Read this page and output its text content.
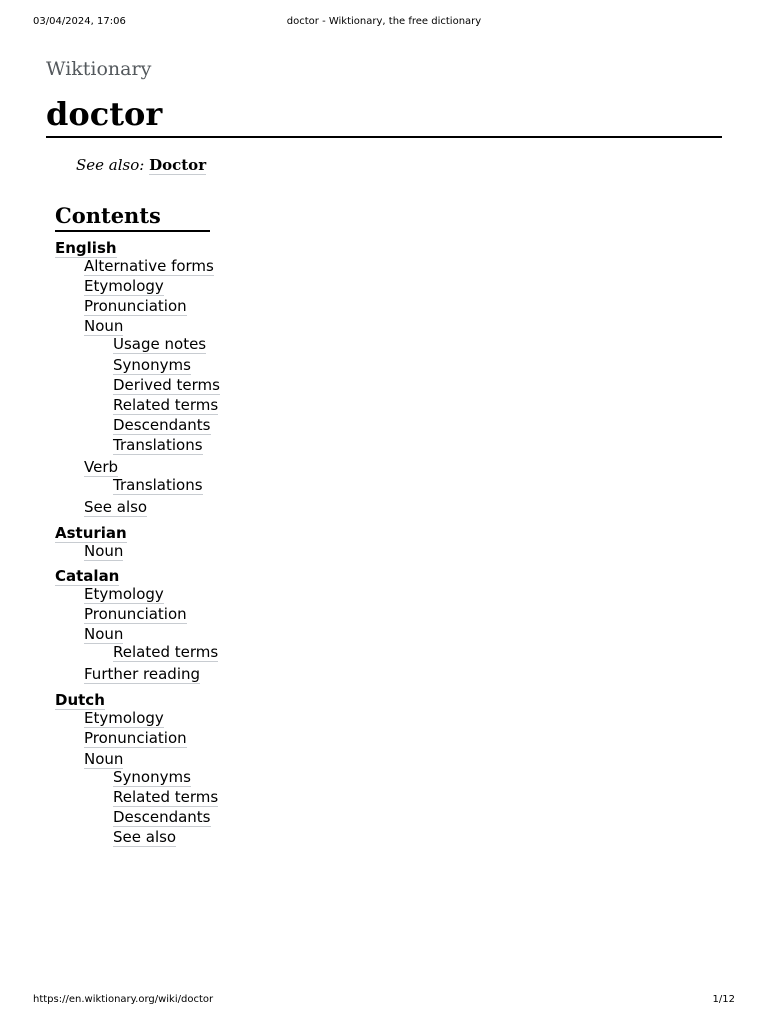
03/04/2024, 17:06	doctor - Wiktionary, the free dictionary
Wiktionary
doctor
See also: Doctor
Contents
English
Alternative forms
Etymology
Pronunciation
Noun
Usage notes
Synonyms
Derived terms
Related terms
Descendants
Translations
Verb
Translations
See also
Asturian
Noun
Catalan
Etymology
Pronunciation
Noun
Related terms
Further reading
Dutch
Etymology
Pronunciation
Noun
Synonyms
Related terms
Descendants
See also
https://en.wiktionary.org/wiki/doctor	1/12
